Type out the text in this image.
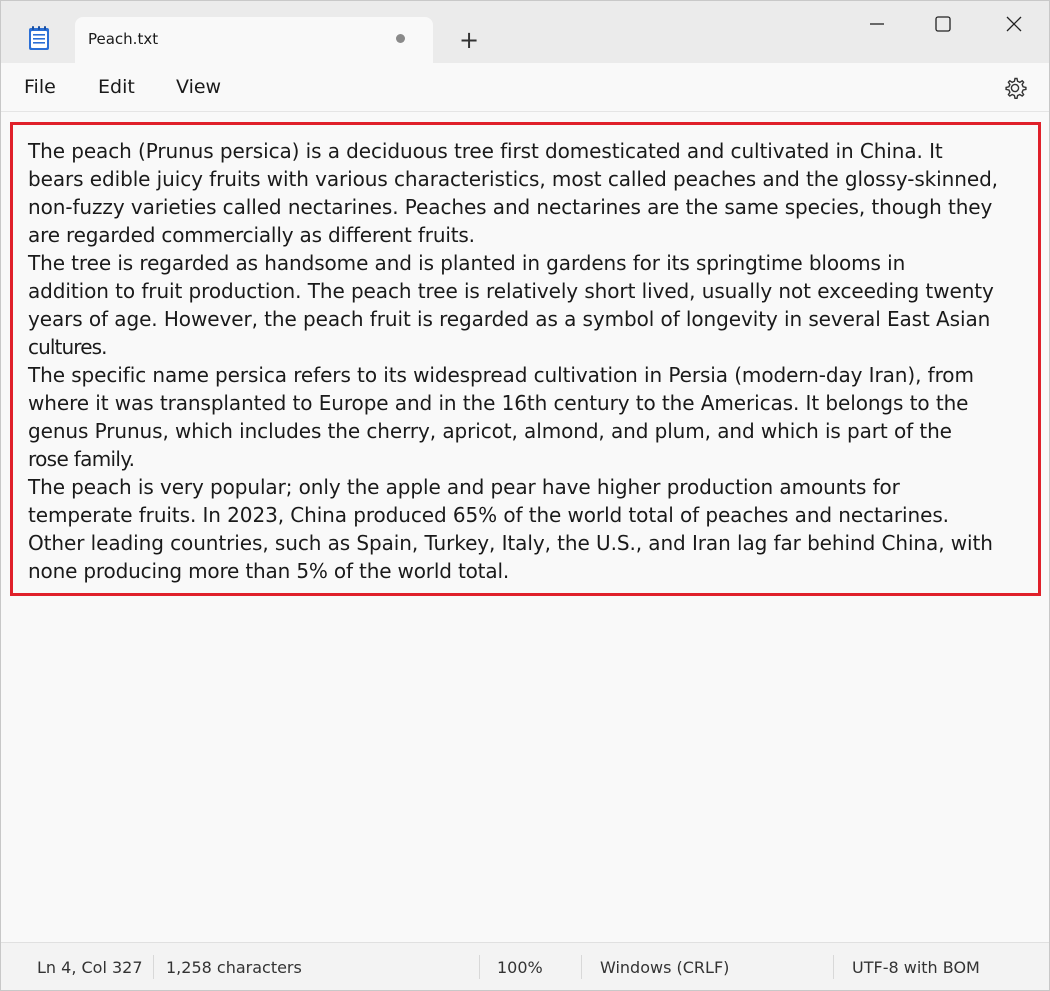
Peach.txt	+
File Edit View
The peach (Prunus persica) is a deciduous tree first domesticated and cultivated in China. It
bears edible juicy fruits with various characteristics, most called peaches and the glossy-skinned,
non-fuzzy varieties called nectarines. Peaches and nectarines are the same species, though they
are regarded commercially as different fruits.
The tree is regarded as handsome and is planted in gardens for its springtime blooms in
addition to fruit production. The peach tree is relatively short lived, usually not exceeding twenty
years of age. However, the peach fruit is regarded as a symbol of longevity in several East Asian
cultures.
The specific name persica refers to its widespread cultivation in Persia (modern-day Iran), from
where it was transplanted to Europe and in the 16th century to the Americas. It belongs to the
genus Prunus, which includes the cherry, apricot, almond, and plum, and which is part of the
rose family.
The peach is very popular; only the apple and pear have higher production amounts for
temperate fruits. In 2023, China produced 65% of the world total of peaches and nectarines.
Other leading countries, such as Spain, Turkey, Italy, the U.S., and Iran lag far behind China, with
none producing more than 5% of the world total.
Ln 4, Col 327 1,258 characters	100%	Windows (CRLF)	UTF-8 with BOM
